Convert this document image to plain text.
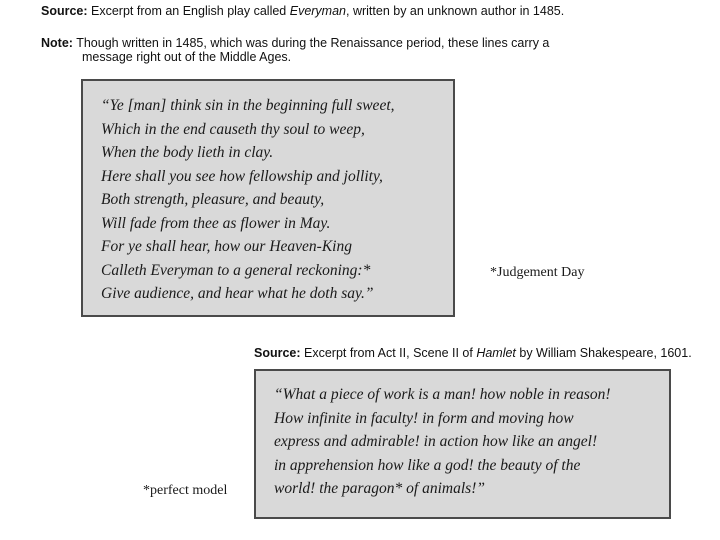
Source: Excerpt from an English play called Everyman, written by an unknown author in 1485.
Note: Though written in 1485, which was during the Renaissance period, these lines carry a
message right out of the Middle Ages.
“Ye [man] think sin in the beginning full sweet,
Which in the end causeth thy soul to weep,
When the body lieth in clay.
Here shall you see how fellowship and jollity,
Both strength, pleasure, and beauty,
Will fade from thee as flower in May.
For ye shall hear, how our Heaven-King
Calleth Everyman to a general reckoning:*
Give audience, and hear what he doth say.”
*Judgement Day
Source: Excerpt from Act II, Scene II of Hamlet by William Shakespeare, 1601.
“What a piece of work is a man! how noble in reason!
How infinite in faculty! in form and moving how
express and admirable! in action how like an angel!
in apprehension how like a god! the beauty of the
world! the paragon* of animals!”
*perfect model
